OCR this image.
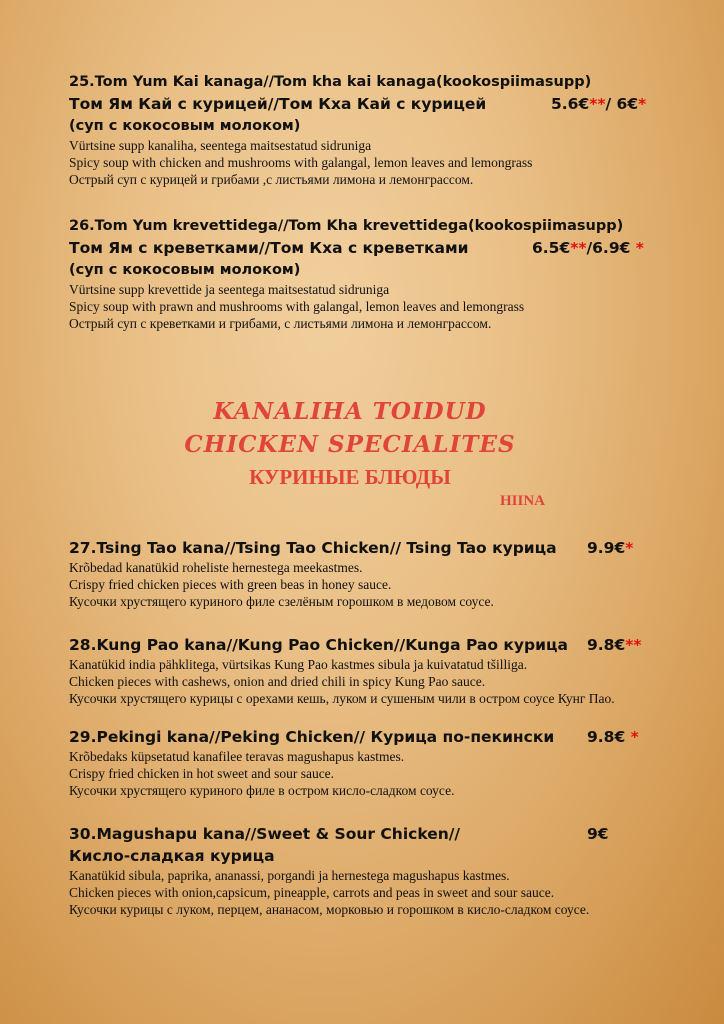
25.Tom Yum Kai kanaga//Tom kha kai kanaga(kookospiimasupp)
Том Ям Кай с курицей//Том Кха Кай с курицей	5.6€**/ 6€*
(суп с кокосовым молоком)
Vürtsine supp kanaliha, seentega maitsestatud sidruniga
Spicy soup with chicken and mushrooms with galangal, lemon leaves and lemongrass
Острый суп с курицей и грибами ,с листьями лимона и лемонграссом.
26.Tom Yum krevettidega//Tom Kha krevettidega(kookospiimasupp)
Том Ям с креветками//Том Кха с креветками	6.5€**/6.9€ *
(суп с кокосовым молоком)
Vürtsine supp krevettide ja seentega maitsestatud sidruniga
Spicy soup with prawn and mushrooms with galangal, lemon leaves and lemongrass
Острый суп с креветками и грибами, с листьями лимона и лемонграссом.
KANALIHA TOIDUD
CHICKEN SPECIALITES
КУРИНЫЕ БЛЮДЫ
HIINA
27.Tsing Tao kana//Tsing Tao Chicken// Tsing Tao курица 9.9€*
Krõbedad kanatükid roheliste hernestega meekastmes.
Crispy fried chicken pieces with green beas in honey sauce.
Кусочки хрустящего куриного филе сзелёным горошком в медовом соусе.
28.Kung Pao kana//Kung Pao Chicken//Kunga Pao курица 9.8€**
Kanatükid india pähklitega, vürtsikas Kung Pao kastmes sibula ja kuivatatud tšilliga.
Chicken pieces with cashews, onion and dried chili in spicy Kung Pao sauce.
Кусочки хрустящего курицы с орехами кешь, луком и сушеным чили в остром соусе Кунг Пао.
29.Pekingi kana//Peking Chicken// Курица по-пекински 9.8€ *
Krõbedaks küpsetatud kanafilee teravas magushapus kastmes.
Crispy fried chicken in hot sweet and sour sauce.
Кусочки хрустящего куриного филе в остром кисло-сладком соусе.
30.Magushapu kana//Sweet & Sour Chicken//	9€
Кисло-сладкая курица
Kanatükid sibula, paprika, ananassi, porgandi ja hernestega magushapus kastmes.
Chicken pieces with onion,capsicum, pineapple, carrots and peas in sweet and sour sauce.
Кусочки курицы с луком, перцем, ананасом, морковью и горошком в кисло-сладком соусе.
